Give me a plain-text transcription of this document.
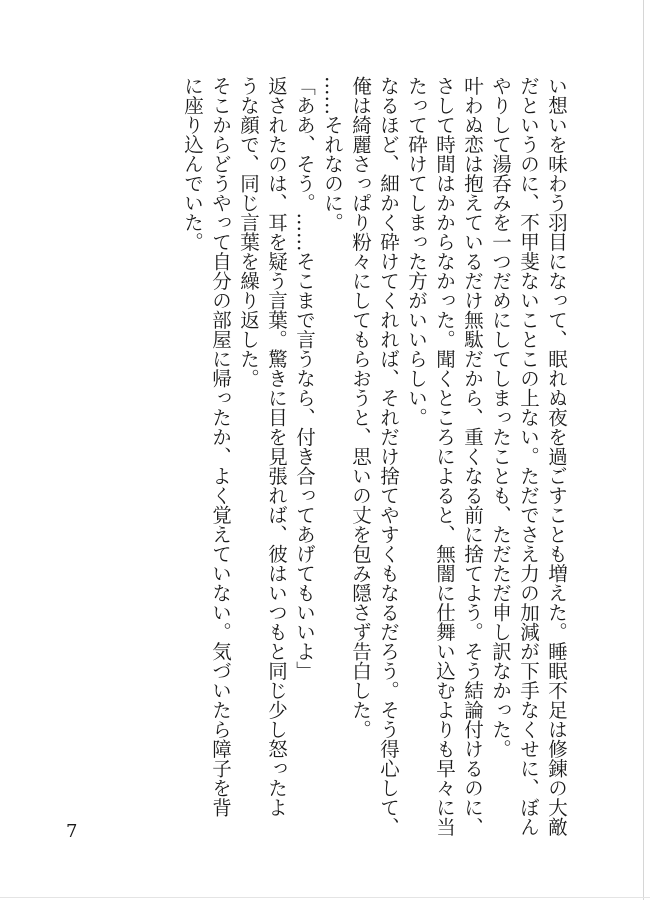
い想いを味わう羽目になって、眠れぬ夜を過ごすことも増えた。睡眠不足は修錬の大敵
だというのに、不甲斐ないことこの上ない。ただでさえ力の加減が下手なくせに、ぼん
やりして湯呑みを一つだめにしてしまったことも、ただただ申し訳なかった。
叶わぬ恋は抱えているだけ無駄だから、重くなる前に捨てよう。そう結論付けるのに、
さして時間はかからなかった。聞くところによると、無闇に仕舞い込むよりも早々に当
たって砕けてしまった方がいいらしい。
なるほど、細かく砕けてくれれば、それだけ捨てやすくもなるだろう。そう得心して、
俺は綺麗さっぱり粉々にしてもらおうと、思いの丈を包み隠さず告白した。
……それなのに。
「ああ、そう。……そこまで言うなら、付き合ってあげてもいいよ」
返されたのは、耳を疑う言葉。驚きに目を見張れば、彼はいつもと同じ少し怒ったよ
うな顔で、同じ言葉を繰り返した。
そこからどうやって自分の部屋に帰ったか、よく覚えていない。気づいたら障子を背
に座り込んでいた。
7
